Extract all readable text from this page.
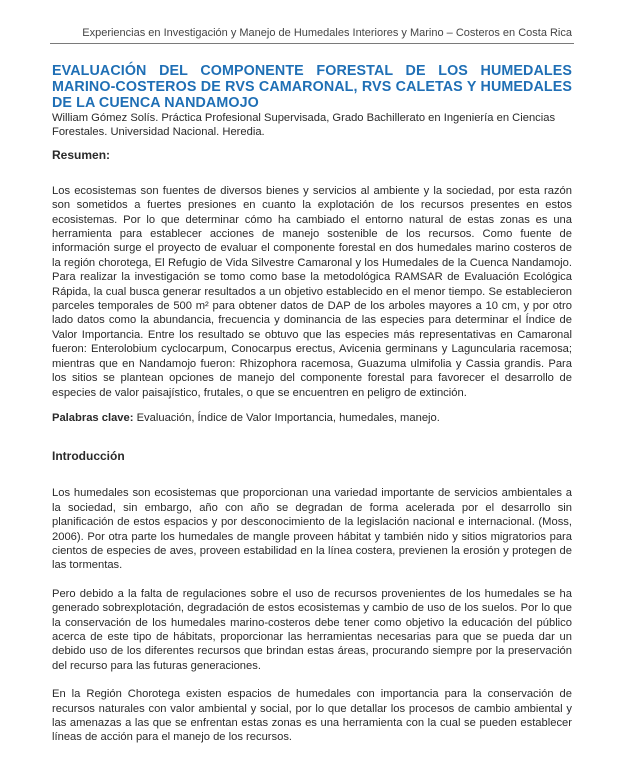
Experiencias en Investigación y Manejo de Humedales Interiores y Marino – Costeros en Costa Rica
EVALUACIÓN DEL COMPONENTE FORESTAL DE LOS HUMEDALES MARINO-COSTEROS DE RVS CAMARONAL, RVS CALETAS Y HUMEDALES DE LA CUENCA NANDAMOJO

William Gómez Solís. Práctica Profesional Supervisada, Grado Bachillerato en Ingeniería en Ciencias Forestales. Universidad Nacional. Heredia.

Resumen:

Los ecosistemas son fuentes de diversos bienes y servicios al ambiente y la sociedad, por esta razón son sometidos a fuertes presiones en cuanto la explotación de los recursos presentes en estos ecosistemas. Por lo que determinar cómo ha cambiado el entorno natural de estas zonas es una herramienta para establecer acciones de manejo sostenible de los recursos. Como fuente de información surge el proyecto de evaluar el componente forestal en dos humedales marino costeros de la región chorotega, El Refugio de Vida Silvestre Camaronal y los Humedales de la Cuenca Nandamojo. Para realizar la investigación se tomo como base la metodológica RAMSAR de Evaluación Ecológica Rápida, la cual busca generar resultados a un objetivo establecido en el menor tiempo. Se establecieron parceles temporales de 500 m² para obtener datos de DAP de los arboles mayores a 10 cm, y por otro lado datos como la abundancia, frecuencia y dominancia de las especies para determinar el Índice de Valor Importancia. Entre los resultado se obtuvo que las especies más representativas en Camaronal fueron: Enterolobium cyclocarpum, Conocarpus erectus, Avicenia germinans y Laguncularia racemosa; mientras que en Nandamojo fueron: Rhizophora racemosa, Guazuma ulmifolia y Cassia grandis. Para los sitios se plantean opciones de manejo del componente forestal para favorecer el desarrollo de especies de valor paisajístico, frutales, o que se encuentren en peligro de extinción.

Palabras clave: Evaluación, Índice de Valor Importancia, humedales, manejo.

Introducción

Los humedales son ecosistemas que proporcionan una variedad importante de servicios ambientales a la sociedad, sin embargo, año con año se degradan de forma acelerada por el desarrollo sin planificación de estos espacios y por desconocimiento de la legislación nacional e internacional. (Moss, 2006). Por otra parte los humedales de mangle proveen hábitat y también nido y sitios migratorios para cientos de especies de aves, proveen estabilidad en la línea costera, previenen la erosión y protegen de las tormentas.

Pero debido a la falta de regulaciones sobre el uso de recursos provenientes de los humedales se ha generado sobrexplotación, degradación de estos ecosistemas y cambio de uso de los suelos. Por lo que la conservación de los humedales marino-costeros debe tener como objetivo la educación del público acerca de este tipo de hábitats, proporcionar las herramientas necesarias para que se pueda dar un debido uso de los diferentes recursos que brindan estas áreas, procurando siempre por la preservación del recurso para las futuras generaciones.

En la Región Chorotega existen espacios de humedales con importancia para la conservación de recursos naturales con valor ambiental y social, por lo que detallar los procesos de cambio ambiental y las amenazas a las que se enfrentan estas zonas es una herramienta con la cual se pueden establecer líneas de acción para el manejo de los recursos.
